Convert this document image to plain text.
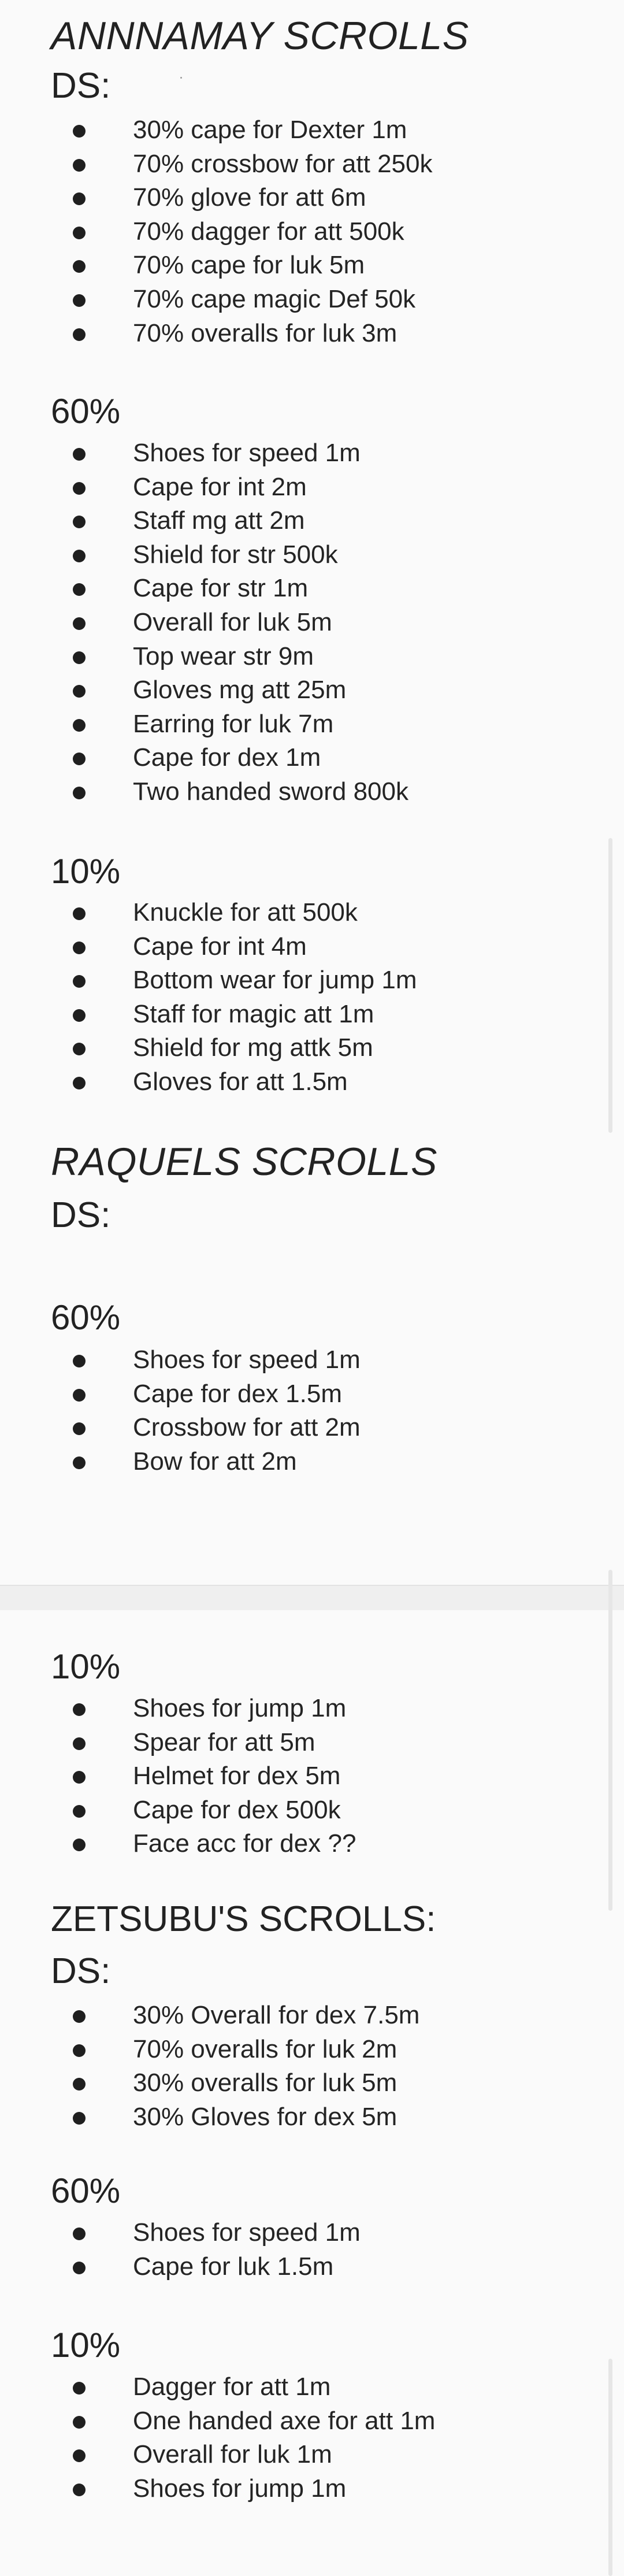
ANNNAMAY SCROLLS
DS:
30% cape for Dexter 1m
70% crossbow for att 250k
70% glove for att 6m
70% dagger for att 500k
70% cape for luk 5m
70% cape magic Def 50k
70% overalls for luk 3m
60%
Shoes for speed 1m
Cape for int 2m
Staff mg att 2m
Shield for str 500k
Cape for str 1m
Overall for luk 5m
Top wear str 9m
Gloves mg att 25m
Earring for luk 7m
Cape for dex 1m
Two handed sword 800k
10%
Knuckle for att 500k
Cape for int 4m
Bottom wear for jump 1m
Staff for magic att 1m
Shield for mg attk 5m
Gloves for att 1.5m
RAQUELS SCROLLS
DS:
60%
Shoes for speed 1m
Cape for dex 1.5m
Crossbow for att 2m
Bow for att 2m
10%
Shoes for jump 1m
Spear for att 5m
Helmet for dex 5m
Cape for dex 500k
Face acc for dex ??
ZETSUBU'S SCROLLS:
DS:
30% Overall for dex 7.5m
70% overalls for luk 2m
30% overalls for luk 5m
30% Gloves for dex 5m
60%
Shoes for speed 1m
Cape for luk 1.5m
10%
Dagger for att 1m
One handed axe for att 1m
Overall for luk 1m
Shoes for jump 1m
